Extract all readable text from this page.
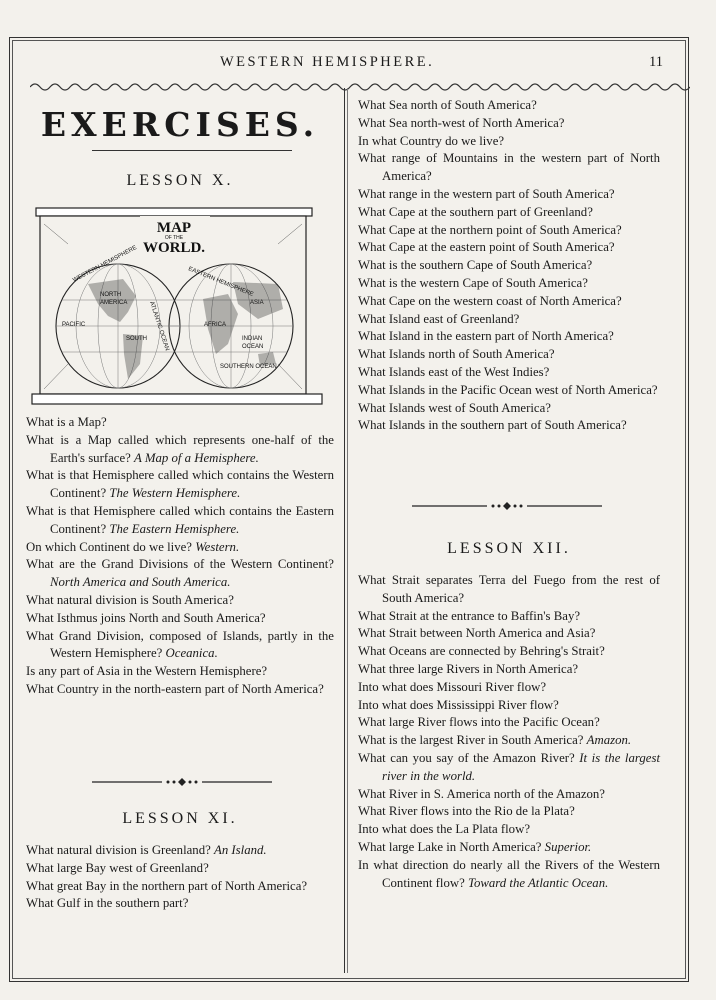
WESTERN HEMISPHERE.	11
EXERCISES.
LESSON X.
MAP
OF THE
WORLD.
WESTERN HEMISPHERE	EASTERN HEMISPHERE
NORTH
AMERICA
PACIFIC
SOUTH ATLANTIC OCEAN	AFRICA
ASIA
INDIAN
OCEAN
SOUTHERN OCEAN

What is a Map?

What is a Map called which represents one-half of the Earth's surface? A Map of a Hemisphere.

What is that Hemisphere called which contains the Western Continent? The Western Hemisphere.

What is that Hemisphere called which contains the Eastern Continent? The Eastern Hemisphere.

On which Continent do we live? Western.

What are the Grand Divisions of the Western Continent? North America and South America.

What natural division is South America?

What Isthmus joins North and South America?

What Grand Division, composed of Islands, partly in the Western Hemisphere? Oceanica.

Is any part of Asia in the Western Hemisphere?

What Country in the north-eastern part of North America?

LESSON XI.

What natural division is Greenland? An Island.

What large Bay west of Greenland?

What great Bay in the northern part of North America?

What Gulf in the southern part?

What Sea north of South America?

What Sea north-west of North America?

In what Country do we live?

What range of Mountains in the western part of North America?

What range in the western part of South America?

What Cape at the southern part of Greenland?

What Cape at the northern point of South America?

What Cape at the eastern point of South America?

What is the southern Cape of South America?

What is the western Cape of South America?

What Cape on the western coast of North America?

What Island east of Greenland?

What Island in the eastern part of North America?

What Islands north of South America?

What Islands east of the West Indies?

What Islands in the Pacific Ocean west of North America?

What Islands west of South America?

What Islands in the southern part of South America?

LESSON XII.

What Strait separates Terra del Fuego from the rest of South America?

What Strait at the entrance to Baffin's Bay?

What Strait between North America and Asia?

What Oceans are connected by Behring's Strait?

What three large Rivers in North America?

Into what does Missouri River flow?

Into what does Mississippi River flow?

What large River flows into the Pacific Ocean?

What is the largest River in South America? Amazon.

What can you say of the Amazon River? It is the largest river in the world.

What River in S. America north of the Amazon?

What River flows into the Rio de la Plata?

Into what does the La Plata flow?

What large Lake in North America? Superior.

In what direction do nearly all the Rivers of the Western Continent flow? Toward the Atlantic Ocean.
